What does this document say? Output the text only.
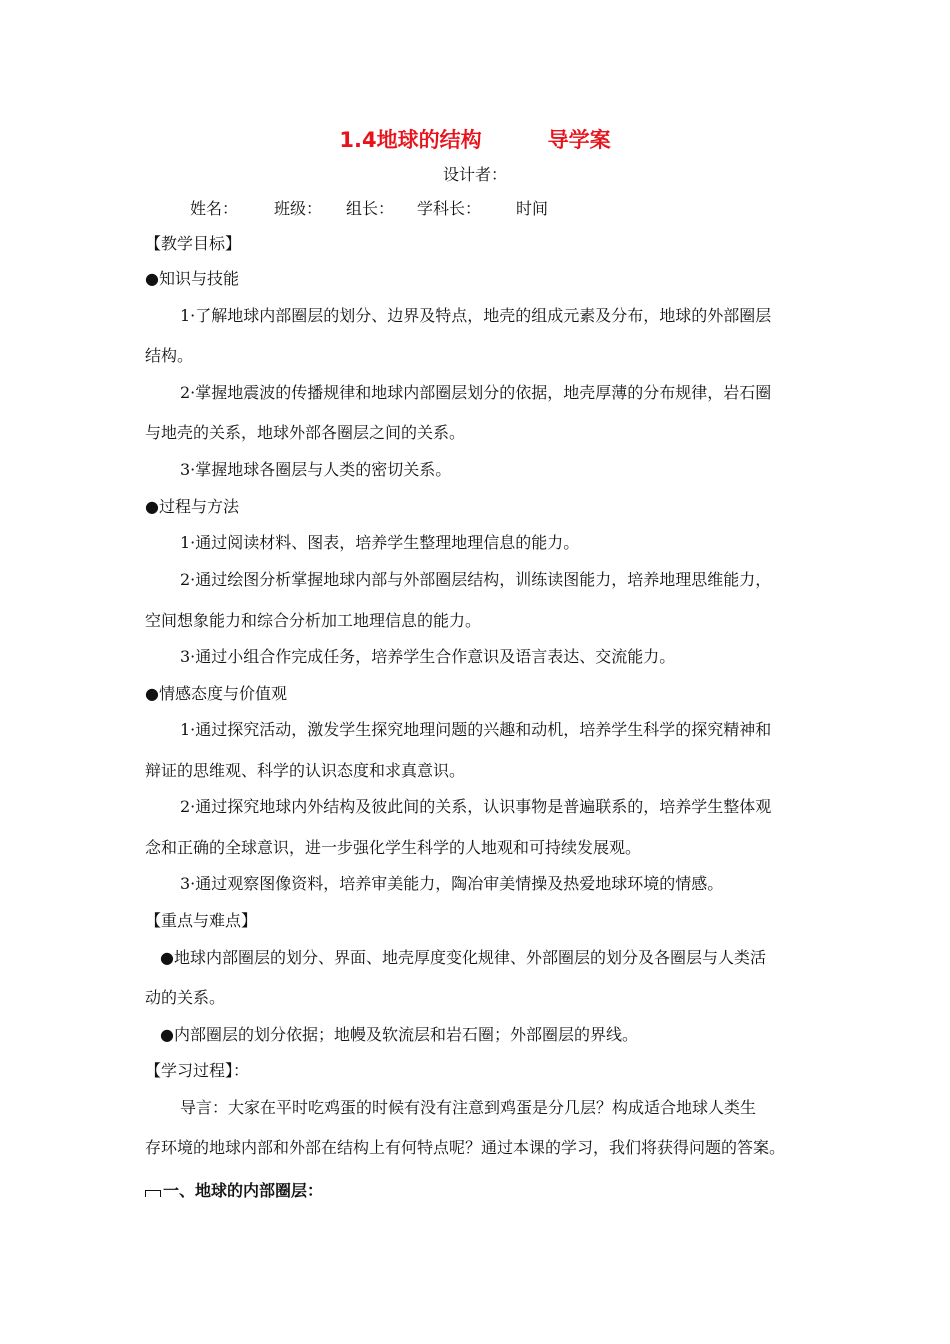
1.4地球的结构	导学案
设计者：
姓名： 班级： 组长： 学科长： 时间
【教学目标】
●知识与技能
1·了解地球内部圈层的划分、边界及特点，地壳的组成元素及分布，地球的外部圈层
结构。
2·掌握地震波的传播规律和地球内部圈层划分的依据，地壳厚薄的分布规律，岩石圈
与地壳的关系，地球外部各圈层之间的关系。
3·掌握地球各圈层与人类的密切关系。
●过程与方法
1·通过阅读材料、图表，培养学生整理地理信息的能力。
2·通过绘图分析掌握地球内部与外部圈层结构，训练读图能力，培养地理思维能力，
空间想象能力和综合分析加工地理信息的能力。
3·通过小组合作完成任务，培养学生合作意识及语言表达、交流能力。
●情感态度与价值观
1·通过探究活动，激发学生探究地理问题的兴趣和动机，培养学生科学的探究精神和
辩证的思维观、科学的认识态度和求真意识。
2·通过探究地球内外结构及彼此间的关系，认识事物是普遍联系的，培养学生整体观
念和正确的全球意识，进一步强化学生科学的人地观和可持续发展观。
3·通过观察图像资料，培养审美能力，陶冶审美情操及热爱地球环境的情感。
【重点与难点】
●地球内部圈层的划分、界面、地壳厚度变化规律、外部圈层的划分及各圈层与人类活
动的关系。
●内部圈层的划分依据；地幔及软流层和岩石圈；外部圈层的界线。
【学习过程】：
导言：大家在平时吃鸡蛋的时候有没有注意到鸡蛋是分几层？构成适合地球人类生
存环境的地球内部和外部在结构上有何特点呢？通过本课的学习，我们将获得问题的答案。
一、地球的内部圈层：
